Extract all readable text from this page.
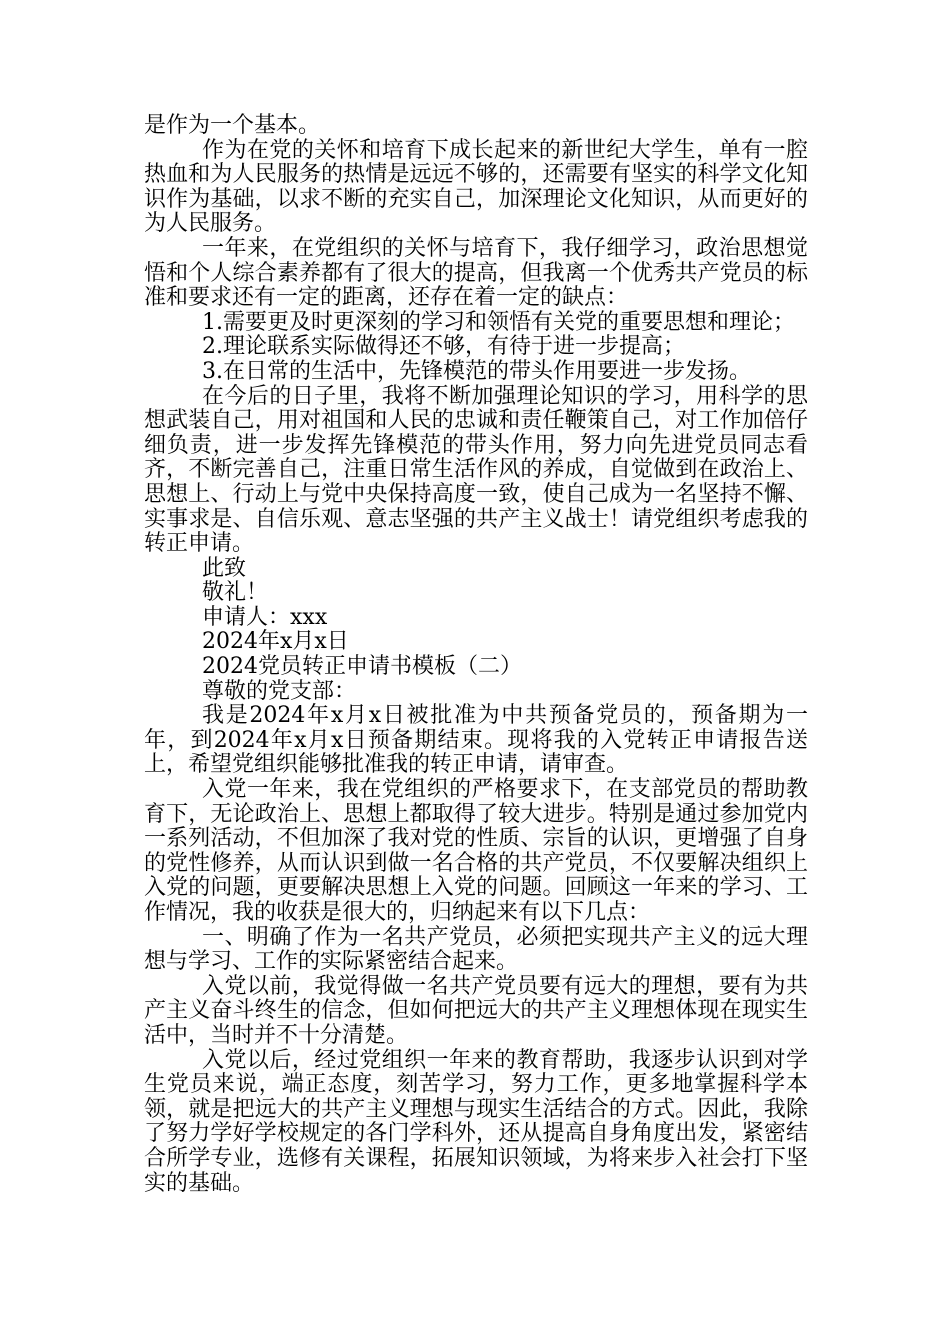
是作为一个基本。

作为在党的关怀和培育下成长起来的新世纪大学生，单有一腔热血和为人民服务的热情是远远不够的，还需要有坚实的科学文化知识作为基础，以求不断的充实自己，加深理论文化知识，从而更好的为人民服务。

一年来，在党组织的关怀与培育下，我仔细学习，政治思想觉悟和个人综合素养都有了很大的提高，但我离一个优秀共产党员的标准和要求还有一定的距离，还存在着一定的缺点：

1.需要更及时更深刻的学习和领悟有关党的重要思想和理论；

2.理论联系实际做得还不够，有待于进一步提高；

3.在日常的生活中，先锋模范的带头作用要进一步发扬。

在今后的日子里，我将不断加强理论知识的学习，用科学的思想武装自己，用对祖国和人民的忠诚和责任鞭策自己，对工作加倍仔细负责，进一步发挥先锋模范的带头作用，努力向先进党员同志看齐，不断完善自己，注重日常生活作风的养成，自觉做到在政治上、思想上、行动上与党中央保持高度一致，使自己成为一名坚持不懈、实事求是、自信乐观、意志坚强的共产主义战士！请党组织考虑我的转正申请。

此致

敬礼！

申请人：xxx

2024年x月x日

2024党员转正申请书模板（二）

尊敬的党支部：

我是2024年x月x日被批准为中共预备党员的，预备期为一年，到2024年x月x日预备期结束。现将我的入党转正申请报告送上，希望党组织能够批准我的转正申请，请审查。

入党一年来，我在党组织的严格要求下，在支部党员的帮助教育下，无论政治上、思想上都取得了较大进步。特别是通过参加党内一系列活动，不但加深了我对党的性质、宗旨的认识，更增强了自身的党性修养，从而认识到做一名合格的共产党员，不仅要解决组织上入党的问题，更要解决思想上入党的问题。回顾这一年来的学习、工作情况，我的收获是很大的，归纳起来有以下几点：

一、明确了作为一名共产党员，必须把实现共产主义的远大理想与学习、工作的实际紧密结合起来。

入党以前，我觉得做一名共产党员要有远大的理想，要有为共产主义奋斗终生的信念，但如何把远大的共产主义理想体现在现实生活中，当时并不十分清楚。

入党以后，经过党组织一年来的教育帮助，我逐步认识到对学生党员来说，端正态度，刻苦学习，努力工作，更多地掌握科学本领，就是把远大的共产主义理想与现实生活结合的方式。因此，我除了努力学好学校规定的各门学科外，还从提高自身角度出发，紧密结合所学专业，选修有关课程，拓展知识领域，为将来步入社会打下坚实的基础。
